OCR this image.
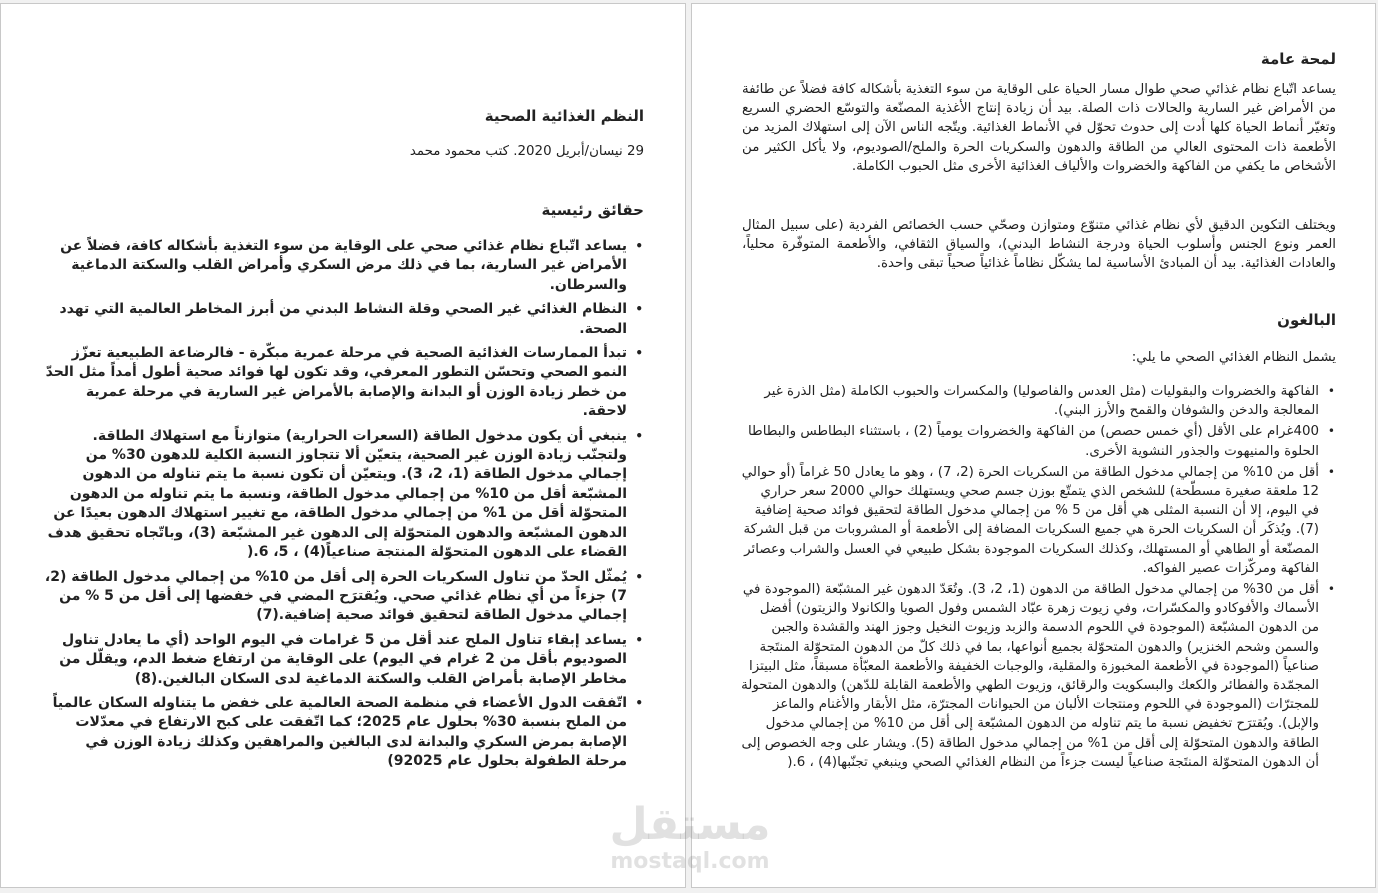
النظم الغذائية الصحية
29 نيسان/أبريل 2020. كتب محمود محمد
حقائق رئيسية
• يساعد اتّباع نظام غذائي صحي على الوقاية من سوء التغذية بأشكاله كافة، فضلاً عن الأمراض غير السارية، بما في ذلك مرض السكري وأمراض القلب والسكتة الدماغية والسرطان.
• النظام الغذائي غير الصحي وقلة النشاط البدني من أبرز المخاطر العالمية التي تهدد الصحة.
• تبدأ الممارسات الغذائية الصحية في مرحلة عمرية مبكّرة - فالرضاعة الطبيعية تعزّز النمو الصحي وتحسّن التطور المعرفي، وقد تكون لها فوائد صحية أطول أمداً مثل الحدّ من خطر زيادة الوزن أو البدانة والإصابة بالأمراض غير السارية في مرحلة عمرية لاحقة.
• ينبغي أن يكون مدخول الطاقة (السعرات الحرارية) متوازناً مع استهلاك الطاقة. ولتجنّب زيادة الوزن غير الصحية، يتعيّن ألا تتجاوز النسبة الكلية للدهون 30% من إجمالي مدخول الطاقة (1، 2، 3). ويتعيّن أن تكون نسبة ما يتم تناوله من الدهون المشبّعة أقل من 10% من إجمالي مدخول الطاقة، ونسبة ما يتم تناوله من الدهون المتحوّلة أقل من 1% من إجمالي مدخول الطاقة، مع تغيير استهلاك الدهون بعيدًا عن الدهون المشبّعة والدهون المتحوّلة إلى الدهون غير المشبّعة (3)، وباتّجاه تحقيق هدف القضاء على الدهون المتحوّلة المنتجة صناعياً(4) ، 5، 6.(
• يُمثّل الحدّ من تناول السكريات الحرة إلى أقل من 10% من إجمالي مدخول الطاقة (2، 7) جزءاً من أي نظام غذائي صحي. ويُقترَح المضي في خفضها إلى أقل من 5 % من إجمالي مدخول الطاقة لتحقيق فوائد صحية إضافية.(7)
• يساعد إبقاء تناول الملح عند أقل من 5 غرامات في اليوم الواحد (أي ما يعادل تناول الصوديوم بأقل من 2 غرام في اليوم) على الوقاية من ارتفاع ضغط الدم، ويقلّل من مخاطر الإصابة بأمراض القلب والسكتة الدماغية لدى السكان البالغين.(8)
• اتّفقت الدول الأعضاء في منظمة الصحة العالمية على خفض ما يتناوله السكان عالمياً من الملح بنسبة 30% بحلول عام 2025؛ كما اتّفقت على كبح الارتفاع في معدّلات الإصابة بمرض السكري والبدانة لدى البالغين والمراهقين وكذلك زيادة الوزن في مرحلة الطفولة بحلول عام 92025)
لمحة عامة
يساعد اتّباع نظام غذائي صحي طوال مسار الحياة على الوقاية من سوء التغذية بأشكاله كافة فضلاً عن طائفة من الأمراض غير السارية والحالات ذات الصلة. بيد أن زيادة إنتاج الأغذية المصنّعة والتوسّع الحضري السريع وتغيّر أنماط الحياة كلها أدت إلى حدوث تحوّل في الأنماط الغذائية. ويتّجه الناس الآن إلى استهلاك المزيد من الأطعمة ذات المحتوى العالي من الطاقة والدهون والسكريات الحرة والملح/الصوديوم، ولا يأكل الكثير من الأشخاص ما يكفي من الفاكهة والخضروات والألياف الغذائية الأخرى مثل الحبوب الكاملة.
ويختلف التكوين الدقيق لأي نظام غذائي متنوّع ومتوازن وصحّي حسب الخصائص الفردية (على سبيل المثال العمر ونوع الجنس وأسلوب الحياة ودرجة النشاط البدني)، والسياق الثقافي، والأطعمة المتوفّرة محلياً، والعادات الغذائية. بيد أن المبادئ الأساسية لما يشكّل نظاماً غذائياً صحياً تبقى واحدة.
البالغون
يشمل النظام الغذائي الصحي ما يلي:
• الفاكهة والخضروات والبقوليات (مثل العدس والفاصوليا) والمكسرات والحبوب الكاملة (مثل الذرة غير المعالجة والدخن والشوفان والقمح والأرز البني).
• 400غرام على الأقل (أي خمس حصص) من الفاكهة والخضروات يومياً (2) ، باستثناء البطاطس والبطاطا الحلوة والمنيهوت والجذور النشوية الأخرى.
• أقل من 10% من إجمالي مدخول الطاقة من السكريات الحرة (2، 7) ، وهو ما يعادل 50 غراماً (أو حوالي 12 ملعقة صغيرة مسطّحة) للشخص الذي يتمتّع بوزن جسم صحي ويستهلك حوالي 2000 سعر حراري في اليوم، إلا أن النسبة المثلى هي أقل من 5 % من إجمالي مدخول الطاقة لتحقيق فوائد صحية إضافية (7). ويُذكَر أن السكريات الحرة هي جميع السكريات المضافة إلى الأطعمة أو المشروبات من قبل الشركة المصنّعة أو الطاهي أو المستهلك، وكذلك السكريات الموجودة بشكل طبيعي في العسل والشراب وعصائر الفاكهة ومركّزات عصير الفواكه.
• أقل من 30% من إجمالي مدخول الطاقة من الدهون (1، 2، 3). وتُعَدّ الدهون غير المشبّعة (الموجودة في الأسماك والأفوكادو والمكسّرات، وفي زيوت زهرة عبّاد الشمس وفول الصويا والكانولا والزيتون) أفضل من الدهون المشبّعة (الموجودة في اللحوم الدسمة والزبد وزيوت النخيل وجوز الهند والقشدة والجبن والسمن وشحم الخنزير) والدهون المتحوّلة بجميع أنواعها، بما في ذلك كلّ من الدهون المتحوّلة المنتَجة صناعياً (الموجودة في الأطعمة المخبوزة والمقلية، والوجبات الخفيفة والأطعمة المعبّأة مسبقاً، مثل البيتزا المجمّدة والفطائر والكعك والبسكويت والرقائق، وزيوت الطهي والأطعمة القابلة للدّهن) والدهون المتحولة للمجترّات (الموجودة في اللحوم ومنتجات الألبان من الحيوانات المجترّة، مثل الأبقار والأغنام والماعز والإبل). ويُقترَح تخفيض نسبة ما يتم تناوله من الدهون المشبّعة إلى أقل من 10% من إجمالي مدخول الطاقة والدهون المتحوّلة إلى أقل من 1% من إجمالي مدخول الطاقة (5). ويشار على وجه الخصوص إلى أن الدهون المتحوّلة المنتَجة صناعياً ليست جزءاً من النظام الغذائي الصحي وينبغي تجنّبها(4) ، 6.(
مستقل
mostaql.com
